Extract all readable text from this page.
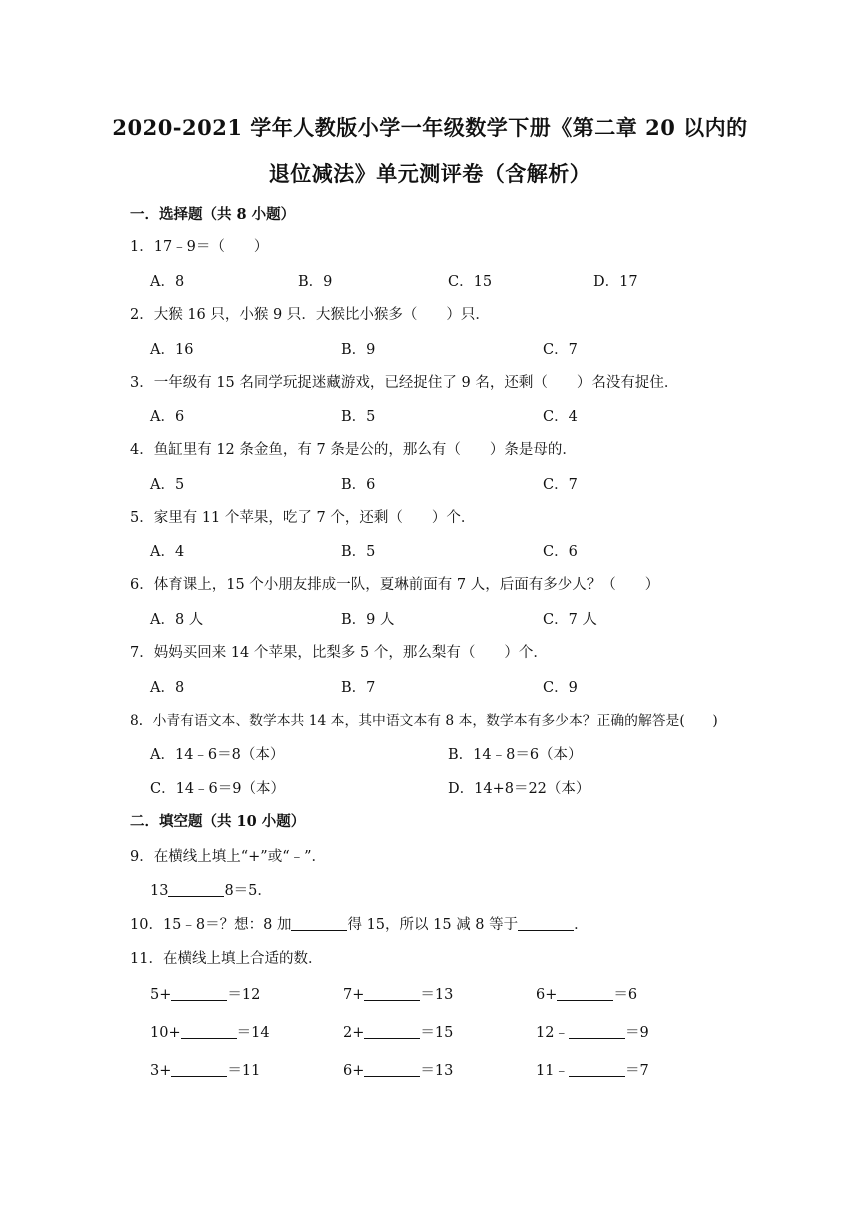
2020-2021 学年人教版小学一年级数学下册《第二章 20 以内的
退位减法》单元测评卷（含解析）
一．选择题（共 8 小题）
1．17﹣9＝（　　）
A．8	B．9	C．15	D．17
2．大猴 16 只，小猴 9 只．大猴比小猴多（　　）只．
A．16	B．9	C．7
3．一年级有 15 名同学玩捉迷藏游戏，已经捉住了 9 名，还剩（　　）名没有捉住．
A．6	B．5	C．4
4．鱼缸里有 12 条金鱼，有 7 条是公的，那么有（　　）条是母的．
A．5	B．6	C．7
5．家里有 11 个苹果，吃了 7 个，还剩（　　）个．
A．4	B．5	C．6
6．体育课上，15 个小朋友排成一队，夏琳前面有 7 人，后面有多少人？（　　）
A．8 人	B．9 人	C．7 人
7．妈妈买回来 14 个苹果，比梨多 5 个，那么梨有（　　）个．
A．8	B．7	C．9
8．小青有语文本、数学本共 14 本，其中语文本有 8 本，数学本有多少本？正确的解答是(　　)
A．14﹣6＝8（本）	B．14﹣8＝6（本）
C．14﹣6＝9（本）	D．14+8＝22（本）
二．填空题（共 10 小题）
9．在横线上填上“+”或“﹣”．
13	8＝5．
10．15﹣8＝？想：8 加	得 15，所以 15 减 8 等于	．
11．在横线上填上合适的数．
5+	＝12	7+	＝13	6+	＝6
10+	＝14	2+	＝15	12﹣	＝9
3+	＝11	6+	＝13	11﹣	＝7
